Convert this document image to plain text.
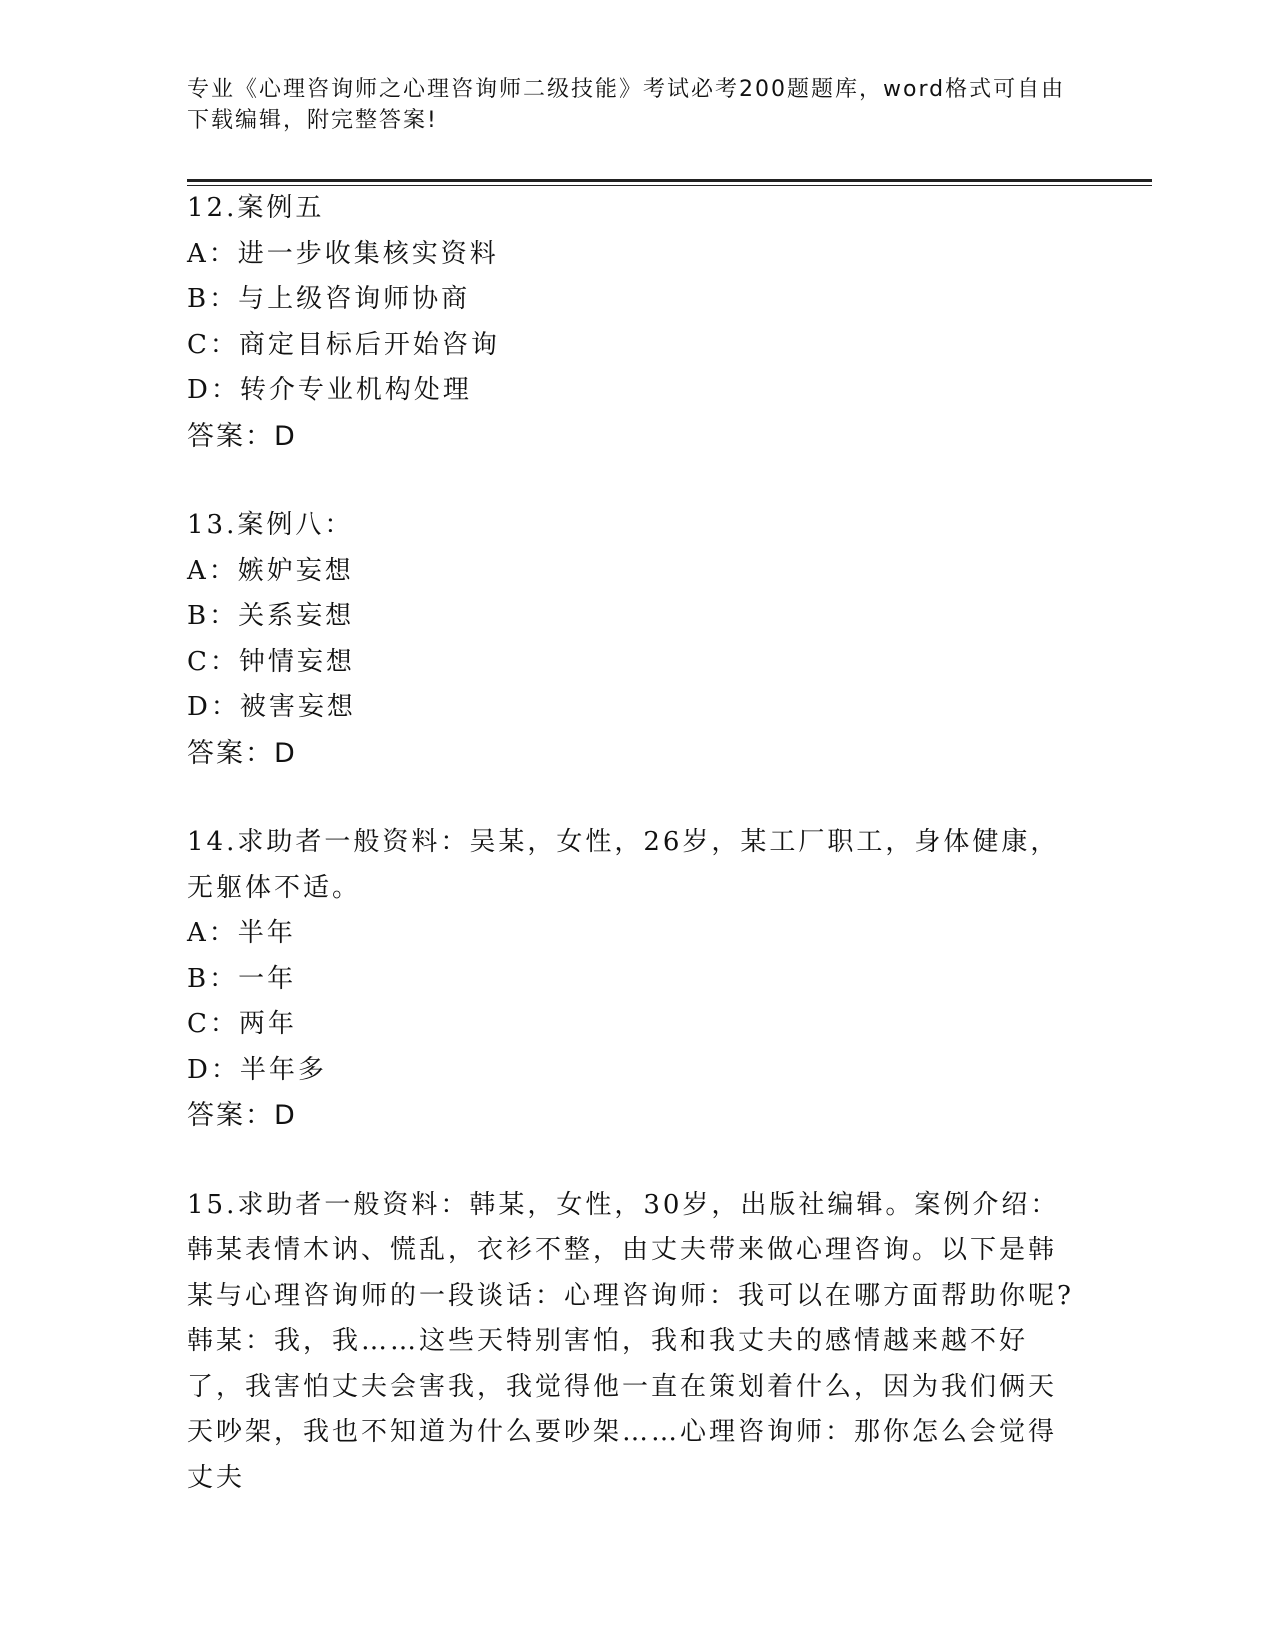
专业《心理咨询师之心理咨询师二级技能》考试必考200题题库，word格式可自由下载编辑，附完整答案!
12.案例五
A：进一步收集核实资料
B：与上级咨询师协商
C：商定目标后开始咨询
D：转介专业机构处理
答案：D
13.案例八：
A：嫉妒妄想
B：关系妄想
C：钟情妄想
D：被害妄想
答案：D
14.求助者一般资料：吴某，女性，26岁，某工厂职工，身体健康，无躯体不适。
A：半年
B：一年
C：两年
D：半年多
答案：D
15.求助者一般资料：韩某，女性，30岁，出版社编辑。案例介绍：韩某表情木讷、慌乱，衣衫不整，由丈夫带来做心理咨询。以下是韩某与心理咨询师的一段谈话：心理咨询师：我可以在哪方面帮助你呢?韩某：我，我……这些天特别害怕，我和我丈夫的感情越来越不好了，我害怕丈夫会害我，我觉得他一直在策划着什么，因为我们俩天天吵架，我也不知道为什么要吵架……心理咨询师：那你怎么会觉得丈夫
